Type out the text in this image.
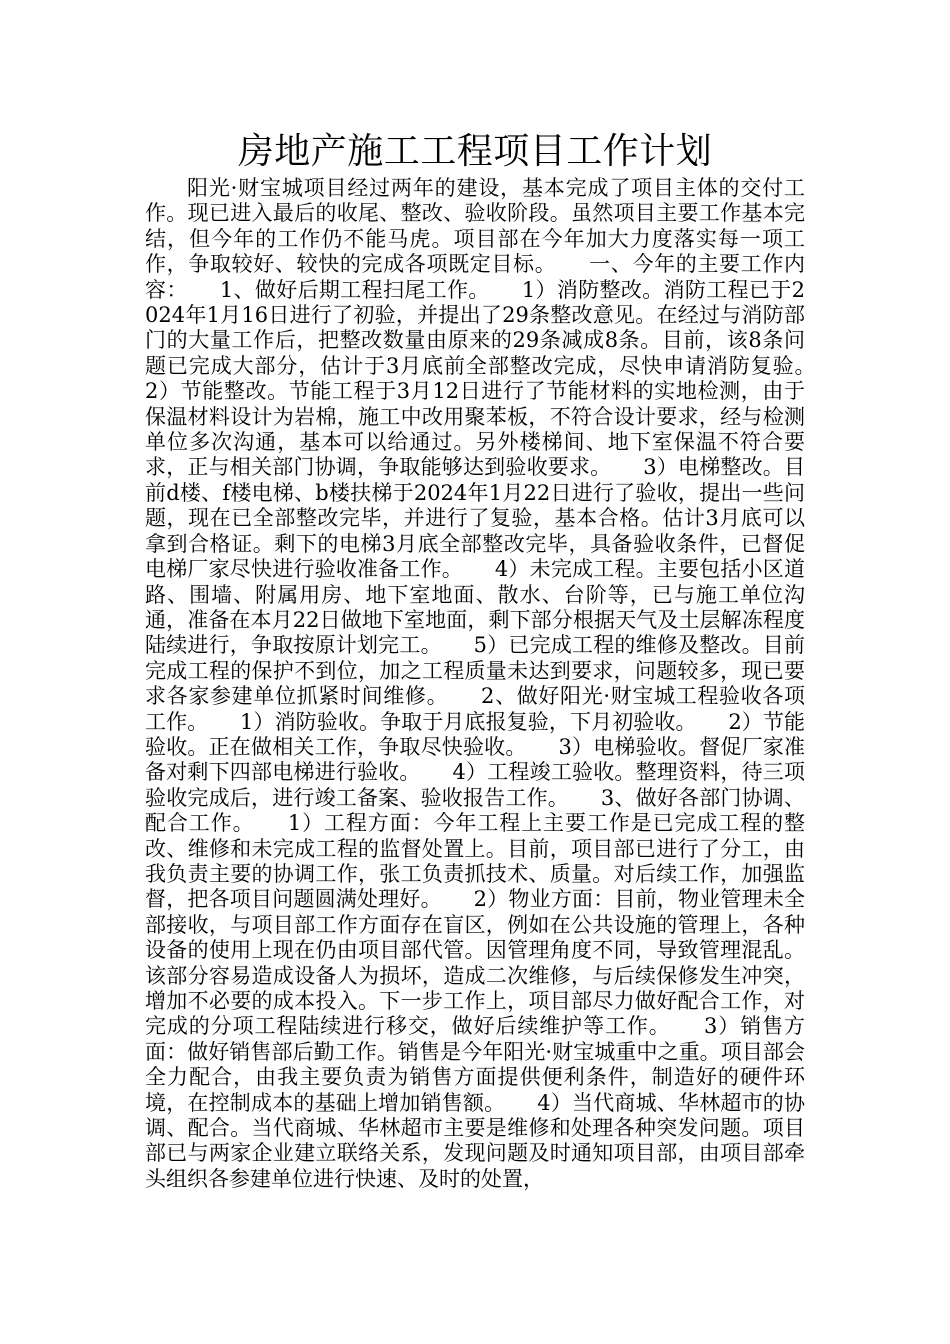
房地产施工工程项目工作计划

阳光·财宝城项目经过两年的建设，基本完成了项目主体的交付工作。现已进入最后的收尾、整改、验收阶段。虽然项目主要工作基本完结，但今年的工作仍不能马虎。项目部在今年加大力度落实每一项工作，争取较好、较快的完成各项既定目标。　　一、今年的主要工作内容：　　1、做好后期工程扫尾工作。　　1）消防整改。消防工程已于2024年1月16日进行了初验，并提出了29条整改意见。在经过与消防部门的大量工作后，把整改数量由原来的29条减成8条。目前，该8条问题已完成大部分，估计于3月底前全部整改完成，尽快申请消防复验。　　2）节能整改。节能工程于3月12日进行了节能材料的实地检测，由于保温材料设计为岩棉，施工中改用聚苯板，不符合设计要求，经与检测单位多次沟通，基本可以给通过。另外楼梯间、地下室保温不符合要求，正与相关部门协调，争取能够达到验收要求。　　3）电梯整改。目前d楼、f楼电梯、b楼扶梯于2024年1月22日进行了验收，提出一些问题，现在已全部整改完毕，并进行了复验，基本合格。估计3月底可以拿到合格证。剩下的电梯3月底全部整改完毕，具备验收条件，已督促电梯厂家尽快进行验收准备工作。　　4）未完成工程。主要包括小区道路、围墙、附属用房、地下室地面、散水、台阶等，已与施工单位沟通，准备在本月22日做地下室地面，剩下部分根据天气及土层解冻程度陆续进行，争取按原计划完工。　　5）已完成工程的维修及整改。目前完成工程的保护不到位，加之工程质量未达到要求，问题较多，现已要求各家参建单位抓紧时间维修。　　2、做好阳光·财宝城工程验收各项工作。　　1）消防验收。争取于月底报复验，下月初验收。　　2）节能验收。正在做相关工作，争取尽快验收。　　3）电梯验收。督促厂家准备对剩下四部电梯进行验收。　　4）工程竣工验收。整理资料，待三项验收完成后，进行竣工备案、验收报告工作。　　3、做好各部门协调、配合工作。　　1）工程方面：今年工程上主要工作是已完成工程的整改、维修和未完成工程的监督处置上。目前，项目部已进行了分工，由我负责主要的协调工作，张工负责抓技术、质量。对后续工作，加强监督，把各项目问题圆满处理好。　　2）物业方面：目前，物业管理未全部接收，与项目部工作方面存在盲区，例如在公共设施的管理上，各种设备的使用上现在仍由项目部代管。因管理角度不同，导致管理混乱。该部分容易造成设备人为损坏，造成二次维修，与后续保修发生冲突，增加不必要的成本投入。下一步工作上，项目部尽力做好配合工作，对完成的分项工程陆续进行移交，做好后续维护等工作。　　3）销售方面：做好销售部后勤工作。销售是今年阳光·财宝城重中之重。项目部会全力配合，由我主要负责为销售方面提供便利条件，制造好的硬件环境，在控制成本的基础上增加销售额。　　4）当代商城、华林超市的协调、配合。当代商城、华林超市主要是维修和处理各种突发问题。项目部已与两家企业建立联络关系，发现问题及时通知项目部，由项目部牵头组织各参建单位进行快速、及时的处置，
